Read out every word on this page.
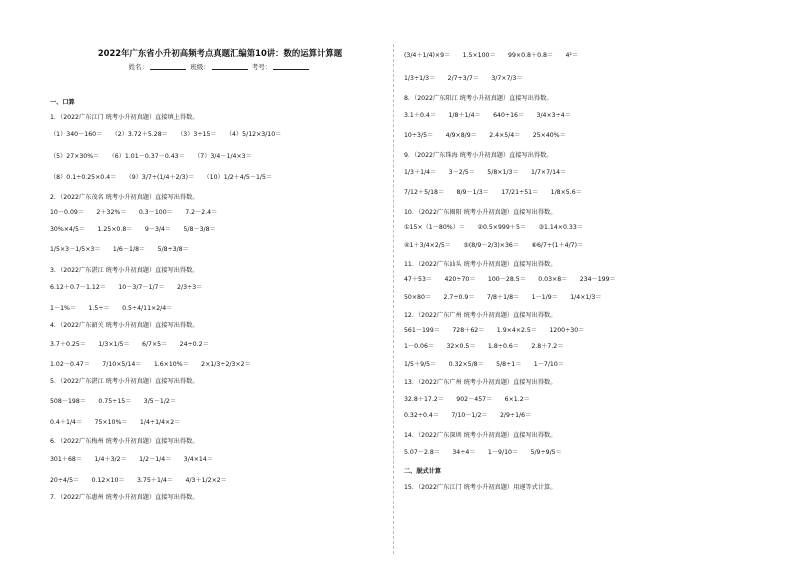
2022年广东省小升初高频考点真题汇编第10讲：数的运算计算题
姓名：	班级：	考号：
一、口算
1．（2022广东江门 统考小升初真题）直接填上得数。
（1）340－160＝　　（2）3.72＋5.28＝　　（3）3÷15＝　　（4）5/12×3/10＝
（5）27×30%＝　　（6）1.01－0.37－0.43＝　　（7）3/4－1/4×3＝
（8）0.1÷0.25×0.4＝　　（9）3/7÷(1/4＋2/3)＝　　（10）1/2＋4/5－1/5＝
2．（2022广东茂名 统考小升初真题）直接写出得数。
10－0.09＝　　2＋32%＝　　0.3－100＝　　7.2－2.4＝
30%×4/5＝　　1.25×0.8＝　　9－3/4＝　　5/8－3/8＝
1/5×3－1/5×3＝　　1/6－1/8＝　　5/8÷3/8＝
3．（2022广东湛江 统考小升初真题）直接写出得数。
6.12＋0.7－1.12＝　　10－3/7－1/7＝　　2/3÷3＝
1－1%＝　　1.5÷＝　　0.5÷4/11×2/4＝
4．（2022广东韶关 统考小升初真题）直接写出得数。
3.7＋0.25＝　　1/3×1/5＝　　6/7×5＝　　24÷0.2＝
1.02－0.47＝　　7/10×5/14＝　　1.6×10%＝　　2×1/3÷2/3×2＝
5．（2022广东湛江 统考小升初真题）直接写出得数。
508－198＝　　0.75÷15＝　　3/5－1/2＝
0.4＋1/4＝　　75×10%＝　　1/4÷1/4×2＝
6．（2022广东梅州 统考小升初真题）直接写出得数。
301＋68＝　　1/4＋3/2＝　　1/2－1/4＝　　3/4×14＝
20÷4/5＝　　0.12×10＝　　3.75＋1/4＝　　4/3＋1/2×2＝
7．（2022广东惠州 统考小升初真题）直接写出得数。
(3/4＋1/4)×9＝　　1.5×100＝　　99×0.8＋0.8＝　　4²＝
1/3÷1/3＝　　2/7÷3/7＝　　3/7×7/3＝
8．（2022广东阳江 统考小升初真题）直接写出得数。
3.1＋0.4＝　　1/8＋1/4＝　　640÷16＝　　3/4×3÷4＝
10÷3/5＝　　4/9×8/9＝　　2.4×5/4＝　　25×40%＝
9．（2022广东珠海 统考小升初真题）直接写出得数。
1/3＋1/4＝　　3－2/5＝　　5/8×1/3＝　　1/7×7/14＝
7/12＋5/18＝　　8/9－1/3＝　　17/21÷51＝　　1/8×5.6＝
10．（2022广东揭阳 统考小升初真题）直接写出得数。
①15×（1－80%）＝　　②0.5×999＋5＝　　③1.14×0.33＝
④1＋3/4×2/5＝　　⑤(8/9－2/3)×36＝　　⑥6/7÷(1＋4/7)＝
11．（2022广东汕头 统考小升初真题）直接写出得数。
47＋53＝　　420÷70＝　　100－28.5＝　　0.03×8＝　　234－199＝
50×80＝　　2.7÷0.9＝　　7/8＋1/8＝　　1－1/9＝　　1/4×1/3＝
12．（2022广东广州 统考小升初真题）直接写出得数。
561－199＝　　728＋62＝　　1.9×4×2.5＝　　1200÷30＝
1－0.06＝　　32×0.5＝　　1.8÷0.6＝　　2.8＋7.2＝
1/5＋9/5＝　　0.32×5/8＝　　5/8÷1＝　　1－7/10＝
13．（2022广东广州 统考小升初真题）直接写出得数。
32.8＋17.2＝　　902－457＝　　6×1.2＝
0.32÷0.4＝　　7/10－1/2＝　　2/9÷1/6＝
14．（2022广东深圳 统考小升初真题）直接写出得数。
5.07－2.8＝　　34÷4＝　　1－9/10＝　　5/9÷9/5＝
二、脱式计算
15．（2022广东江门 统考小升初真题）用递等式计算。
